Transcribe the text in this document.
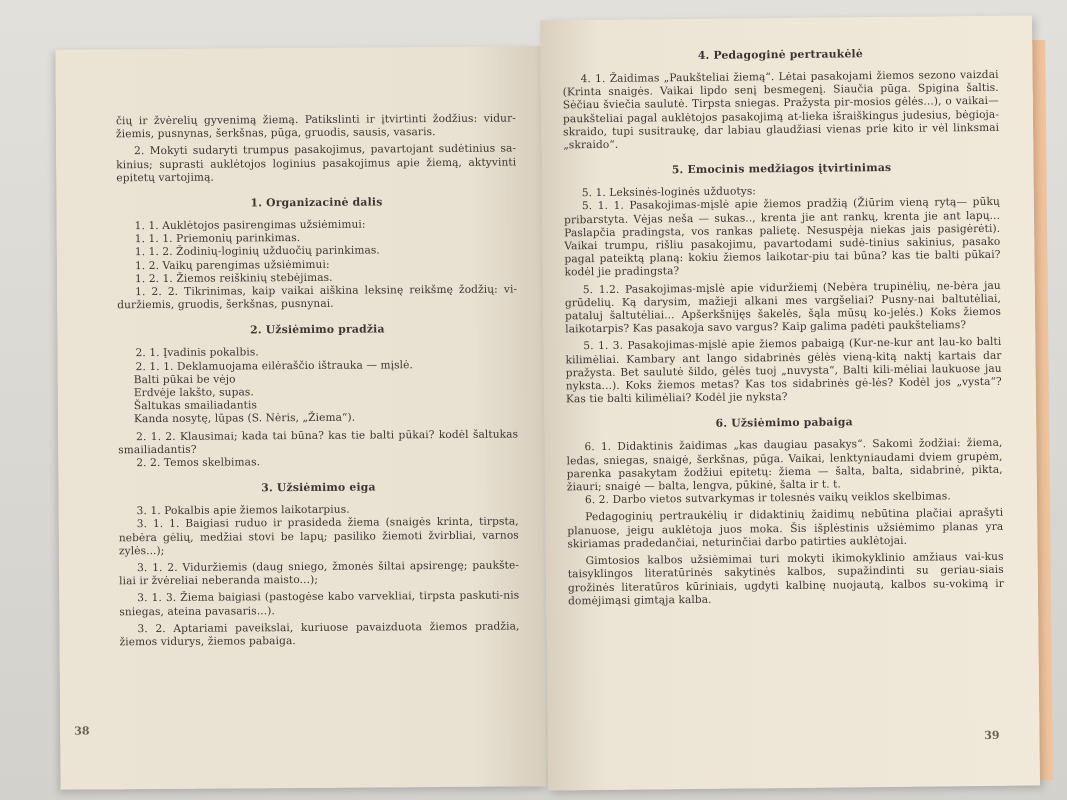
čių ir žvėrelių gyvenimą žiemą. Patikslinti ir įtvirtinti žodžius: vidur-žiemis, pusnynas, šerkšnas, pūga, gruodis, sausis, vasaris.

2. Mokyti sudaryti trumpus pasakojimus, pavartojant sudėtinius sa-kinius; suprasti auklėtojos loginius pasakojimus apie žiemą, aktyvinti epitetų vartojimą.

1. Organizacinė dalis

1. 1. Auklėtojos pasirengimas užsiėmimui:

1. 1. 1. Priemonių parinkimas.

1. 1. 2. Žodinių-loginių užduočių parinkimas.

1. 2. Vaikų parengimas užsiėmimui:

1. 2. 1. Žiemos reiškinių stebėjimas.

1. 2. 2. Tikrinimas, kaip vaikai aiškina leksinę reikšmę žodžių: vi-duržiemis, gruodis, šerkšnas, pusnynai.

2. Užsiėmimo pradžia

2. 1. Įvadinis pokalbis.

2. 1. 1. Deklamuojama eilėraščio ištrauka — mįslė.

Balti pūkai be vėjo

Erdvėje lakšto, supas.

Šaltukas smailiadantis

Kanda nosytę, lūpas (S. Nėris, „Žiema“).

2. 1. 2. Klausimai; kada tai būna? kas tie balti pūkai? kodėl šaltukas smailiadantis?

2. 2. Temos skelbimas.

3. Užsiėmimo eiga

3. 1. Pokalbis apie žiemos laikotarpius.

3. 1. 1. Baigiasi ruduo ir prasideda žiema (snaigės krinta, tirpsta, nebėra gėlių, medžiai stovi be lapų; pasiliko žiemoti žvirbliai, varnos zylės...);

3. 1. 2. Viduržiemis (daug sniego, žmonės šiltai apsirengę; paukšte-liai ir žvėreliai neberanda maisto...);

3. 1. 3. Žiema baigiasi (pastogėse kabo varvekliai, tirpsta paskuti-nis sniegas, ateina pavasaris...).

3. 2. Aptariami paveikslai, kuriuose pavaizduota žiemos pradžia, žiemos vidurys, žiemos pabaiga.

38
4. Pedagoginė pertraukėlė

4. 1. Žaidimas „Paukšteliai žiemą“. Lėtai pasakojami žiemos sezono vaizdai (Krinta snaigės. Vaikai lipdo senį besmegenį. Siaučia pūga. Spigina šaltis. Sėčiau šviečia saulutė. Tirpsta sniegas. Pražysta pir-mosios gėlės...), o vaikai—paukšteliai pagal auklėtojos pasakojimą at-lieka išraiškingus judesius, bėgioja-skraido, tupi susitraukę, dar labiau glaudžiasi vienas prie kito ir vėl linksmai „skraido“.

5. Emocinis medžiagos įtvirtinimas

5. 1. Leksinės-loginės užduotys:

5. 1. 1. Pasakojimas-mįslė apie žiemos pradžią (Žiūrim vieną rytą— pūkų pribarstyta. Vėjas neša — sukas.., krenta jie ant rankų, krenta jie ant lapų... Paslapčia pradingsta, vos rankas palietę. Nesuspėja niekas jais pasigėrėti). Vaikai trumpu, rišliu pasakojimu, pavartodami sudė-tinius sakinius, pasako pagal pateiktą planą: kokiu žiemos laikotar-piu tai būna? kas tie balti pūkai? kodėl jie pradingsta?

5. 1.2. Pasakojimas-mįslė apie viduržiemį (Nebėra trupinėlių, ne-bėra jau grūdelių. Ką darysim, mažieji alkani mes vargšeliai? Pusny-nai baltutėliai, pataluj šaltutėliai... Apšerkšnijęs šakelės, šąla mūsų ko-jelės.) Koks žiemos laikotarpis? Kas pasakoja savo vargus? Kaip galima padėti paukšteliams?

5. 1. 3. Pasakojimas-mįslė apie žiemos pabaigą (Kur-ne-kur ant lau-ko balti kilimėliai. Kambary ant lango sidabrinės gėlės vieną-kitą naktį kartais dar pražysta. Bet saulutė šildo, gėlės tuoj „nuvysta“, Balti kili-mėliai laukuose jau nyksta...). Koks žiemos metas? Kas tos sidabrinės gė-lės? Kodėl jos „vysta“? Kas tie balti kilimėliai? Kodėl jie nyksta?

6. Užsiėmimo pabaiga

6. 1. Didaktinis žaidimas „kas daugiau pasakys“. Sakomi žodžiai: žiema, ledas, sniegas, snaigė, šerkšnas, pūga. Vaikai, lenktyniaudami dviem grupėm, parenka pasakytam žodžiui epitetų: žiema — šalta, balta, sidabrinė, pikta, žiauri; snaigė — balta, lengva, pūkinė, šalta ir t. t.

6. 2. Darbo vietos sutvarkymas ir tolesnės vaikų veiklos skelbimas.

Pedagoginių pertraukėlių ir didaktinių žaidimų nebūtina plačiai aprašyti planuose, jeigu auklėtoja juos moka. Šis išplėstinis užsiėmimo planas yra skiriamas pradedančiai, neturinčiai darbo patirties auklėtojai.

Gimtosios kalbos užsiėmimai turi mokyti ikimokyklinio amžiaus vai-kus taisyklingos literatūrinės sakytinės kalbos, supažindinti su geriau-siais grožinės literatūros kūriniais, ugdyti kalbinę nuojautą, kalbos su-vokimą ir domėjimąsi gimtąja kalba.

39
